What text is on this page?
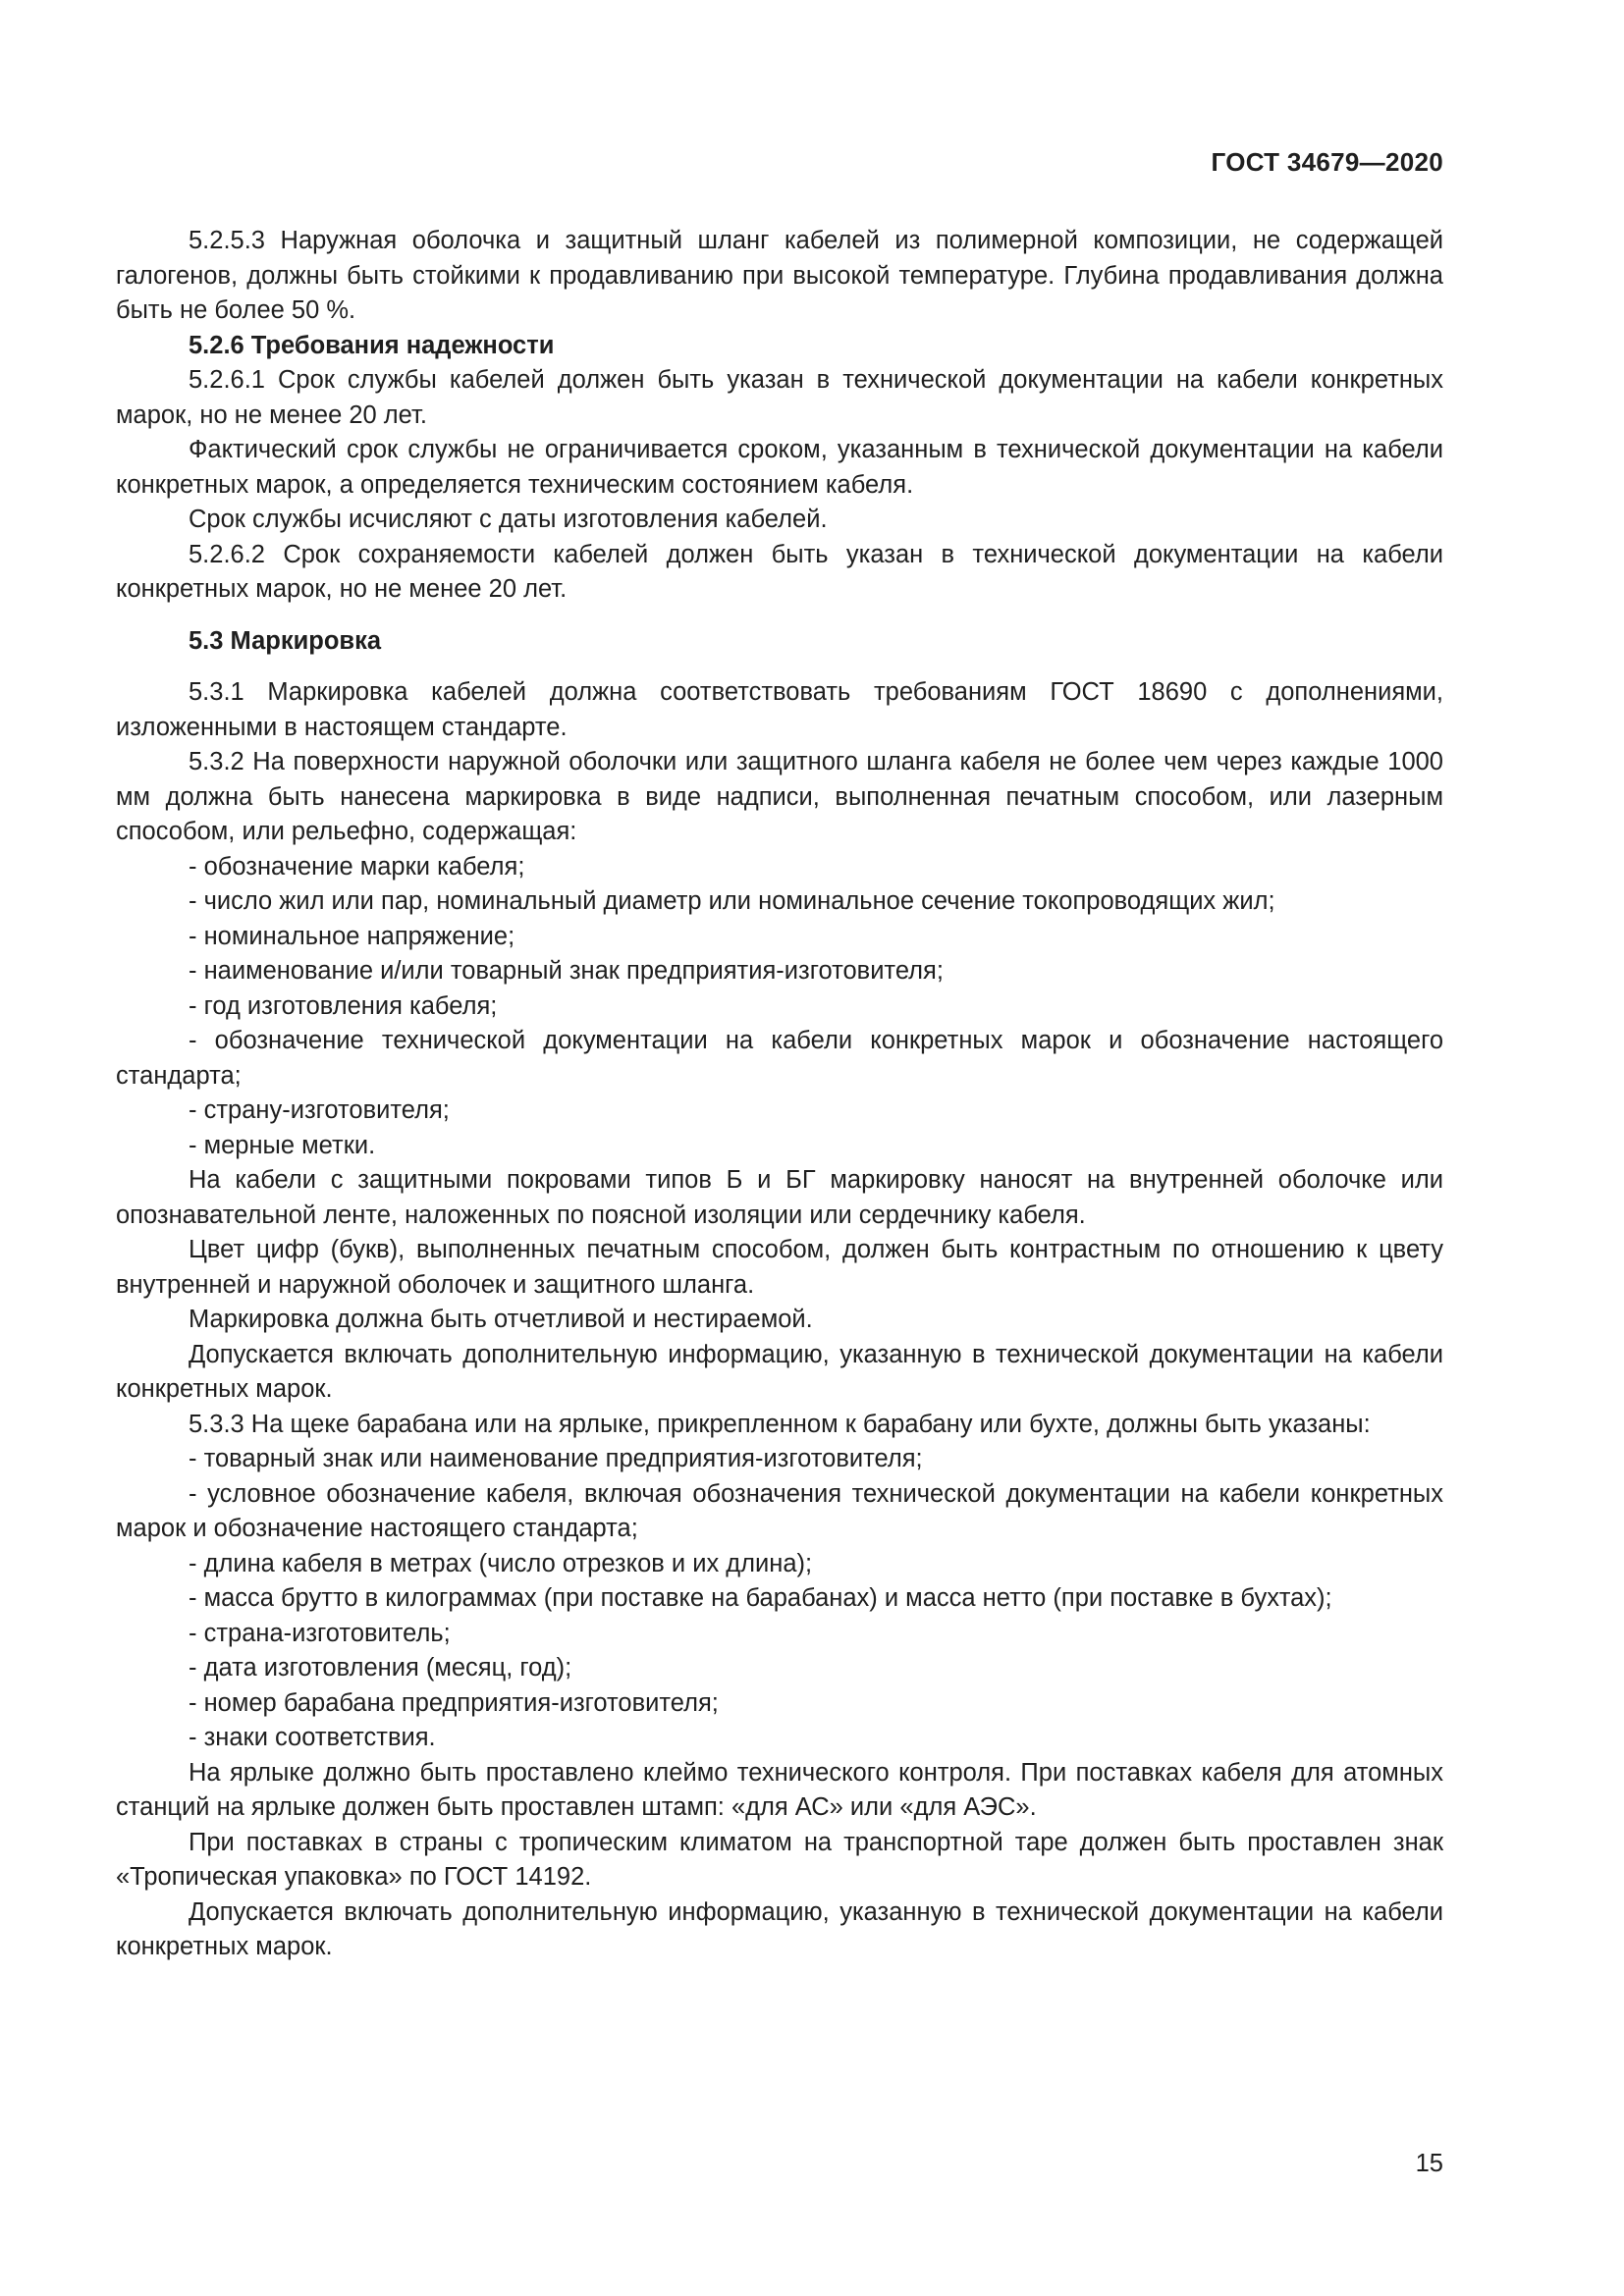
ГОСТ 34679—2020

5.2.5.3 Наружная оболочка и защитный шланг кабелей из полимерной композиции, не содержащей галогенов, должны быть стойкими к продавливанию при высокой температуре. Глубина продавливания должна быть не более 50 %.

5.2.6 Требования надежности

5.2.6.1 Срок службы кабелей должен быть указан в технической документации на кабели конкретных марок, но не менее 20 лет.

Фактический срок службы не ограничивается сроком, указанным в технической документации на кабели конкретных марок, а определяется техническим состоянием кабеля.

Срок службы исчисляют с даты изготовления кабелей.

5.2.6.2 Срок сохраняемости кабелей должен быть указан в технической документации на кабели конкретных марок, но не менее 20 лет.

5.3 Маркировка

5.3.1 Маркировка кабелей должна соответствовать требованиям ГОСТ 18690 с дополнениями, изложенными в настоящем стандарте.

5.3.2 На поверхности наружной оболочки или защитного шланга кабеля не более чем через каждые 1000 мм должна быть нанесена маркировка в виде надписи, выполненная печатным способом, или лазерным способом, или рельефно, содержащая:

- обозначение марки кабеля;

- число жил или пар, номинальный диаметр или номинальное сечение токопроводящих жил;

- номинальное напряжение;

- наименование и/или товарный знак предприятия-изготовителя;

- год изготовления кабеля;

- обозначение технической документации на кабели конкретных марок и обозначение настоящего стандарта;

- страну-изготовителя;

- мерные метки.

На кабели с защитными покровами типов Б и БГ маркировку наносят на внутренней оболочке или опознавательной ленте, наложенных по поясной изоляции или сердечнику кабеля.

Цвет цифр (букв), выполненных печатным способом, должен быть контрастным по отношению к цвету внутренней и наружной оболочек и защитного шланга.

Маркировка должна быть отчетливой и нестираемой.

Допускается включать дополнительную информацию, указанную в технической документации на кабели конкретных марок.

5.3.3 На щеке барабана или на ярлыке, прикрепленном к барабану или бухте, должны быть указаны:

- товарный знак или наименование предприятия-изготовителя;

- условное обозначение кабеля, включая обозначения технической документации на кабели конкретных марок и обозначение настоящего стандарта;

- длина кабеля в метрах (число отрезков и их длина);

- масса брутто в килограммах (при поставке на барабанах) и масса нетто (при поставке в бухтах);

- страна-изготовитель;

- дата изготовления (месяц, год);

- номер барабана предприятия-изготовителя;

- знаки соответствия.

На ярлыке должно быть проставлено клеймо технического контроля. При поставках кабеля для атомных станций на ярлыке должен быть проставлен штамп: «для АС» или «для АЭС».

При поставках в страны с тропическим климатом на транспортной таре должен быть проставлен знак «Тропическая упаковка» по ГОСТ 14192.

Допускается включать дополнительную информацию, указанную в технической документации на кабели конкретных марок.

15
